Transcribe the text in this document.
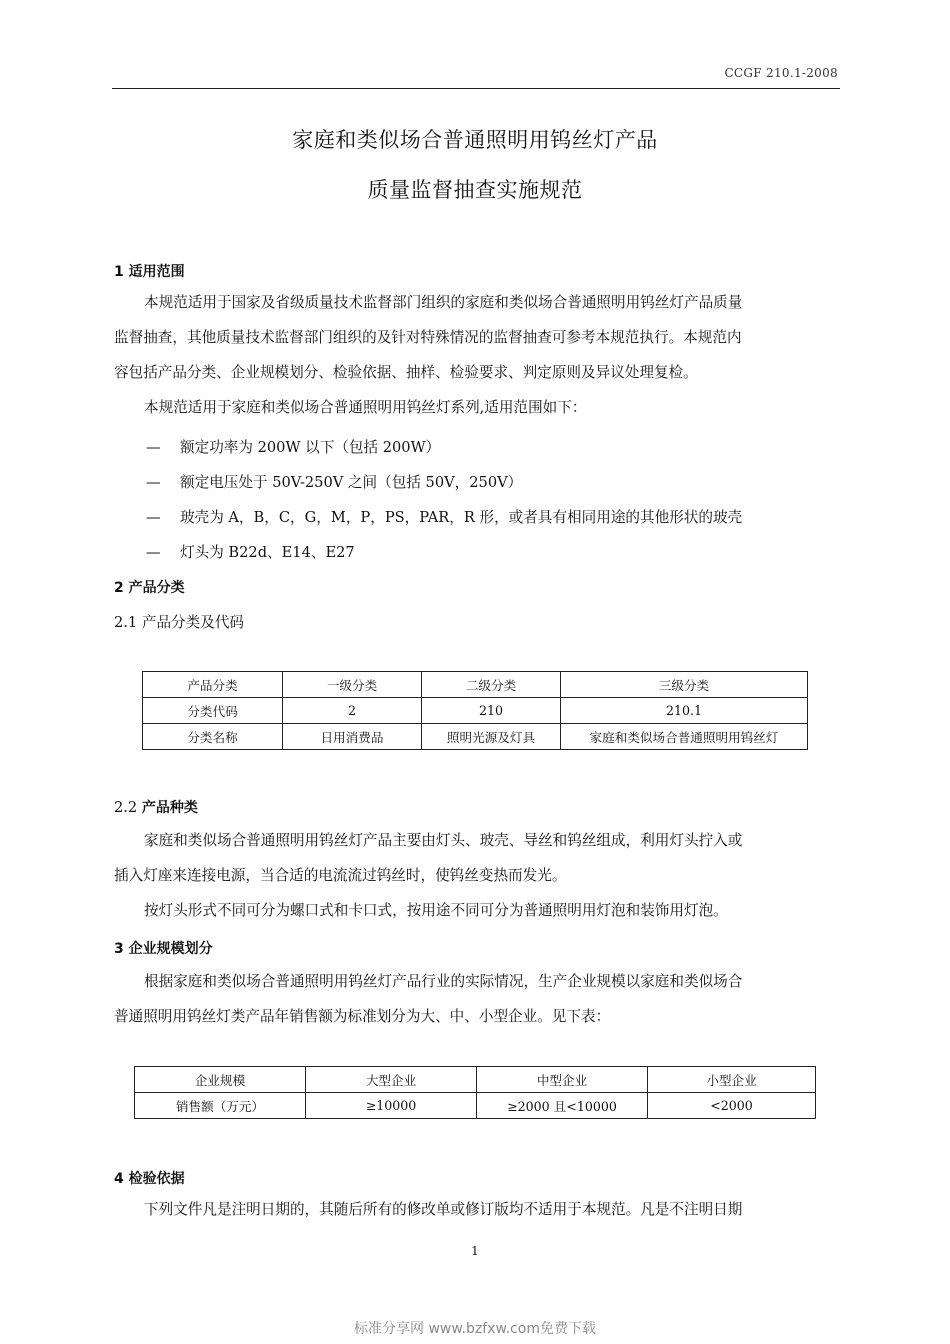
CCGF 210.1-2008
家庭和类似场合普通照明用钨丝灯产品
质量监督抽查实施规范
1 适用范围
本规范适用于国家及省级质量技术监督部门组织的家庭和类似场合普通照明用钨丝灯产品质量
监督抽查，其他质量技术监督部门组织的及针对特殊情况的监督抽查可参考本规范执行。本规范内
容包括产品分类、企业规模划分、检验依据、抽样、检验要求、判定原则及异议处理复检。
本规范适用于家庭和类似场合普通照明用钨丝灯系列,适用范围如下：
— 额定功率为 200W 以下（包括 200W）
— 额定电压处于 50V-250V 之间（包括 50V，250V）
— 玻壳为 A，B，C，G，M，P，PS，PAR，R 形，或者具有相同用途的其他形状的玻壳
— 灯头为 B22d、E14、E27
2 产品分类
2.1 产品分类及代码
产品分类	一级分类	二级分类	三级分类
分类代码	2	210	210.1
分类名称	日用消费品	照明光源及灯具	家庭和类似场合普通照明用钨丝灯
2.2 产品种类
家庭和类似场合普通照明用钨丝灯产品主要由灯头、玻壳、导丝和钨丝组成，利用灯头拧入或
插入灯座来连接电源，当合适的电流流过钨丝时，使钨丝变热而发光。
按灯头形式不同可分为螺口式和卡口式，按用途不同可分为普通照明用灯泡和装饰用灯泡。
3 企业规模划分
根据家庭和类似场合普通照明用钨丝灯产品行业的实际情况，生产企业规模以家庭和类似场合
普通照明用钨丝灯类产品年销售额为标准划分为大、中、小型企业。见下表：
企业规模	大型企业	中型企业	小型企业
销售额（万元）	≥10000	≥2000 且<10000	<2000
4 检验依据
下列文件凡是注明日期的，其随后所有的修改单或修订版均不适用于本规范。凡是不注明日期
1
标准分享网 www.bzfxw.com免费下载
